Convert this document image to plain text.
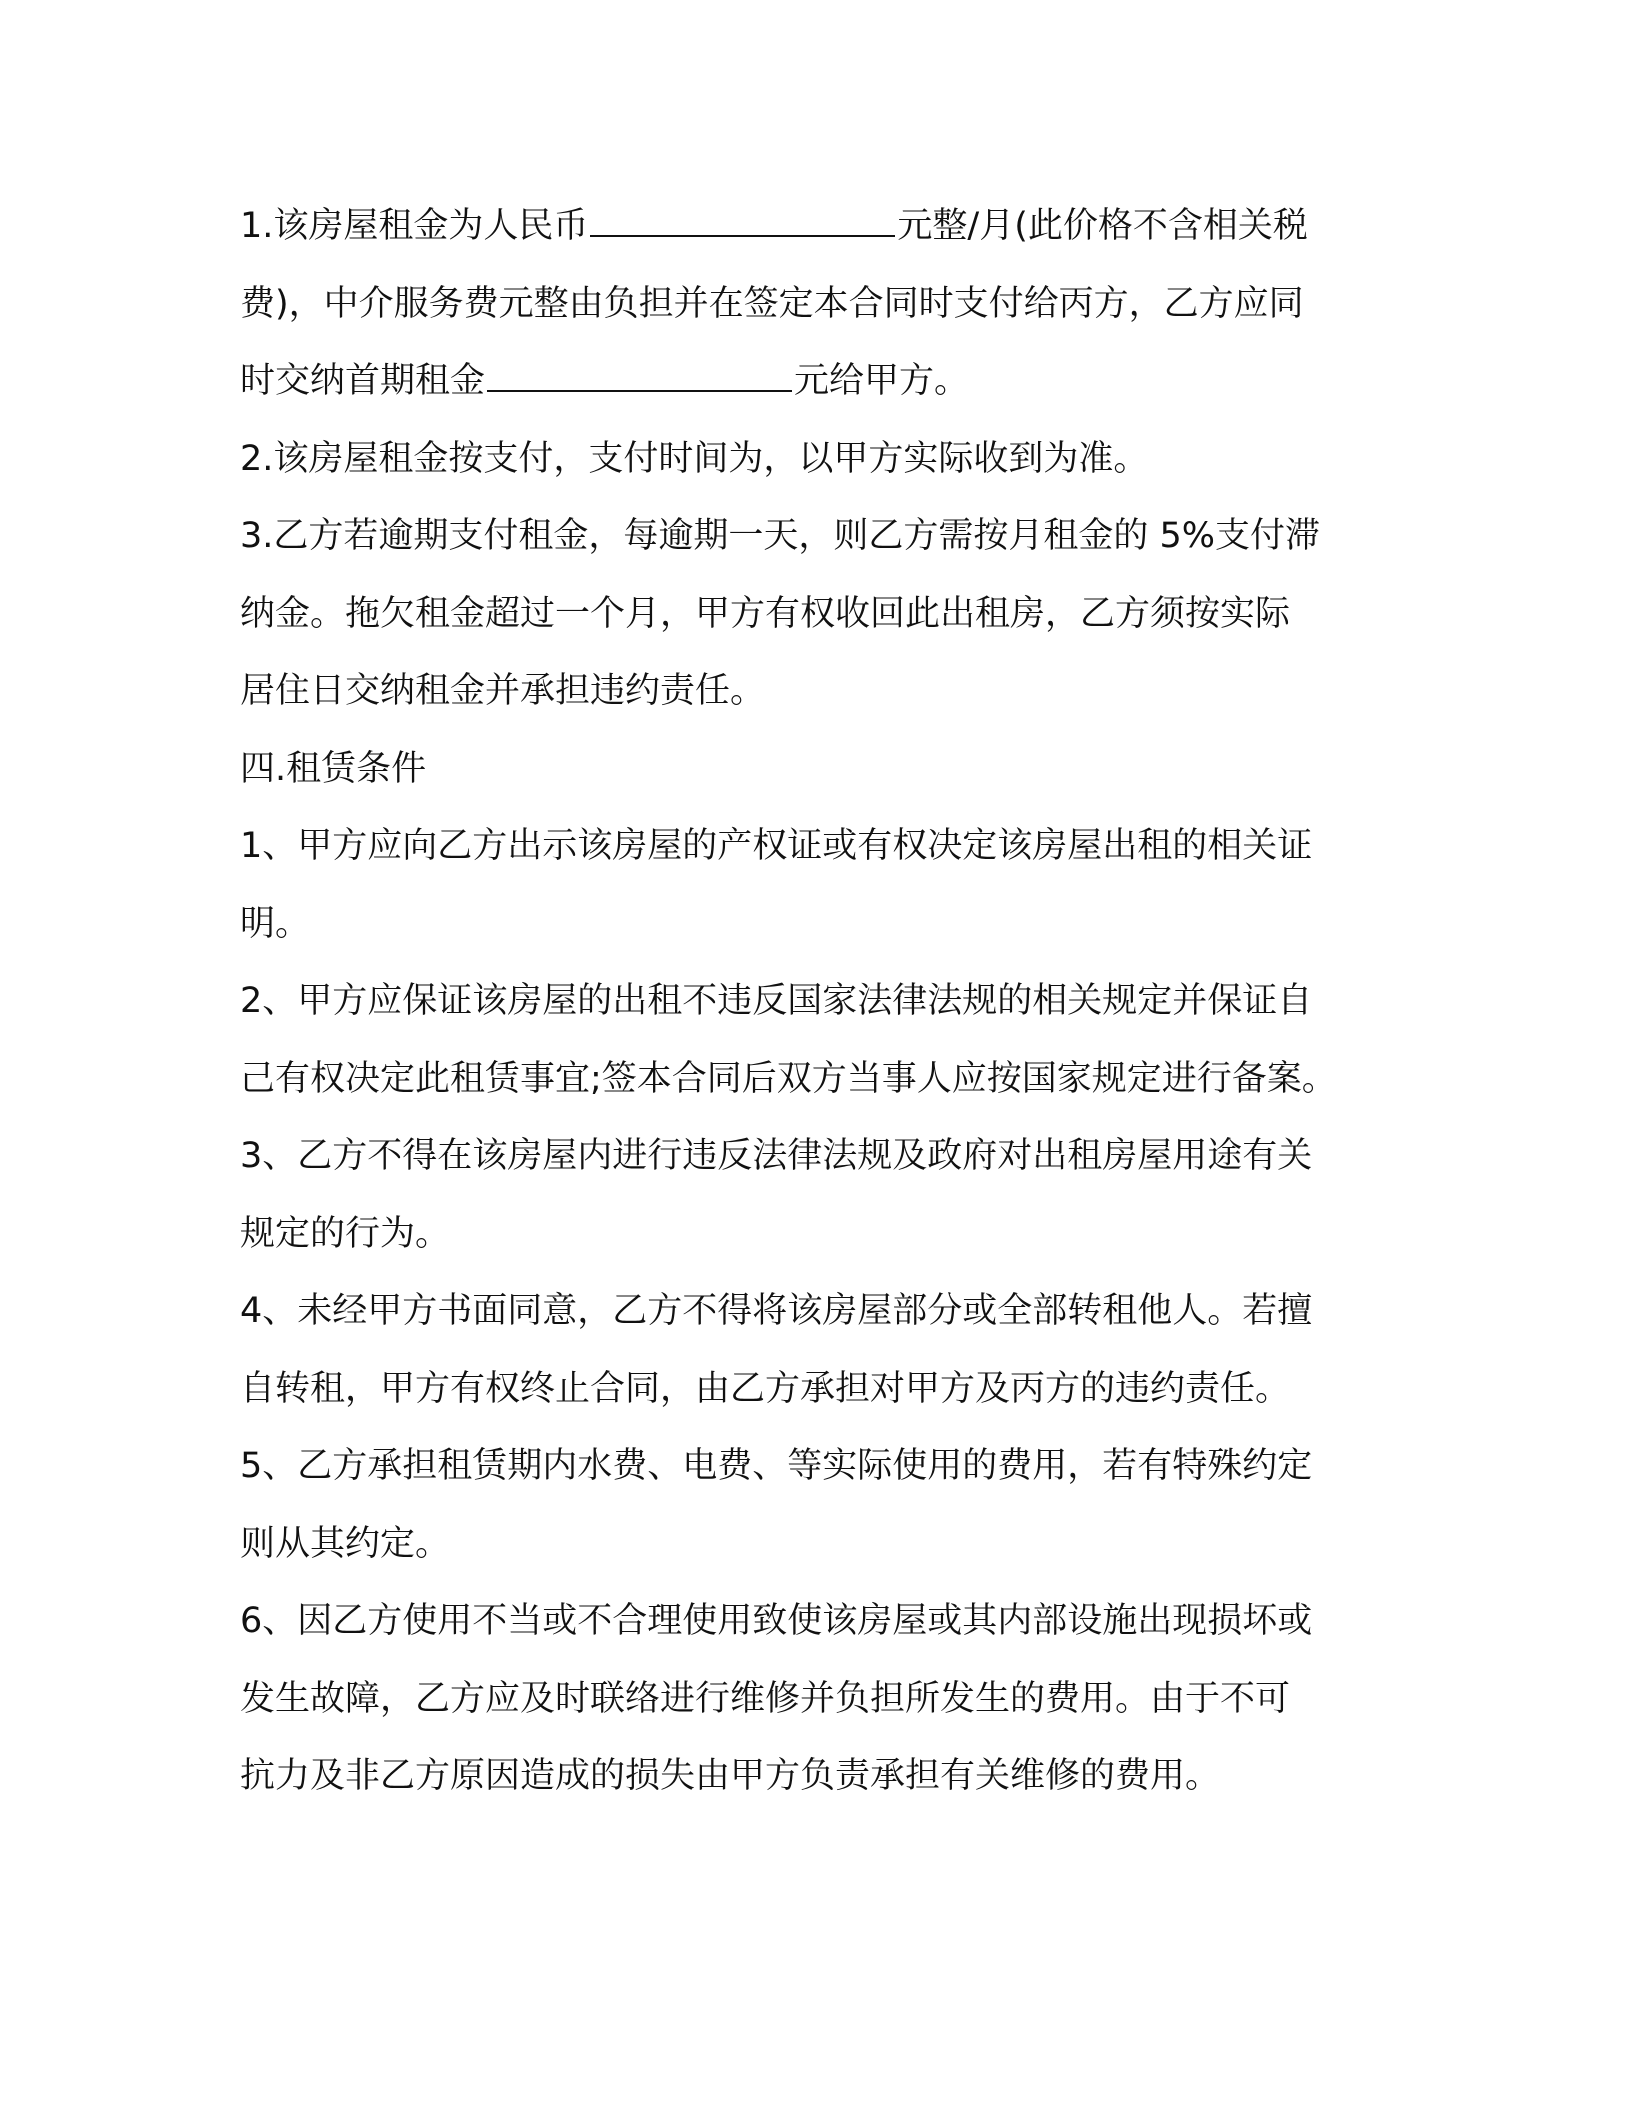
1.该房屋租金为人民币	元整/月(此价格不含相关税
费)，中介服务费元整由负担并在签定本合同时支付给丙方，乙方应同
时交纳首期租金	元给甲方。
2.该房屋租金按支付，支付时间为，以甲方实际收到为准。
3.乙方若逾期支付租金，每逾期一天，则乙方需按月租金的 5%支付滞
纳金。拖欠租金超过一个月，甲方有权收回此出租房，乙方须按实际
居住日交纳租金并承担违约责任。
四.租赁条件
1、甲方应向乙方出示该房屋的产权证或有权决定该房屋出租的相关证
明。
2、甲方应保证该房屋的出租不违反国家法律法规的相关规定并保证自
己有权决定此租赁事宜;签本合同后双方当事人应按国家规定进行备案。
3、乙方不得在该房屋内进行违反法律法规及政府对出租房屋用途有关
规定的行为。
4、未经甲方书面同意，乙方不得将该房屋部分或全部转租他人。若擅
自转租，甲方有权终止合同，由乙方承担对甲方及丙方的违约责任。
5、乙方承担租赁期内水费、电费、等实际使用的费用，若有特殊约定
则从其约定。
6、因乙方使用不当或不合理使用致使该房屋或其内部设施出现损坏或
发生故障，乙方应及时联络进行维修并负担所发生的费用。由于不可
抗力及非乙方原因造成的损失由甲方负责承担有关维修的费用。
